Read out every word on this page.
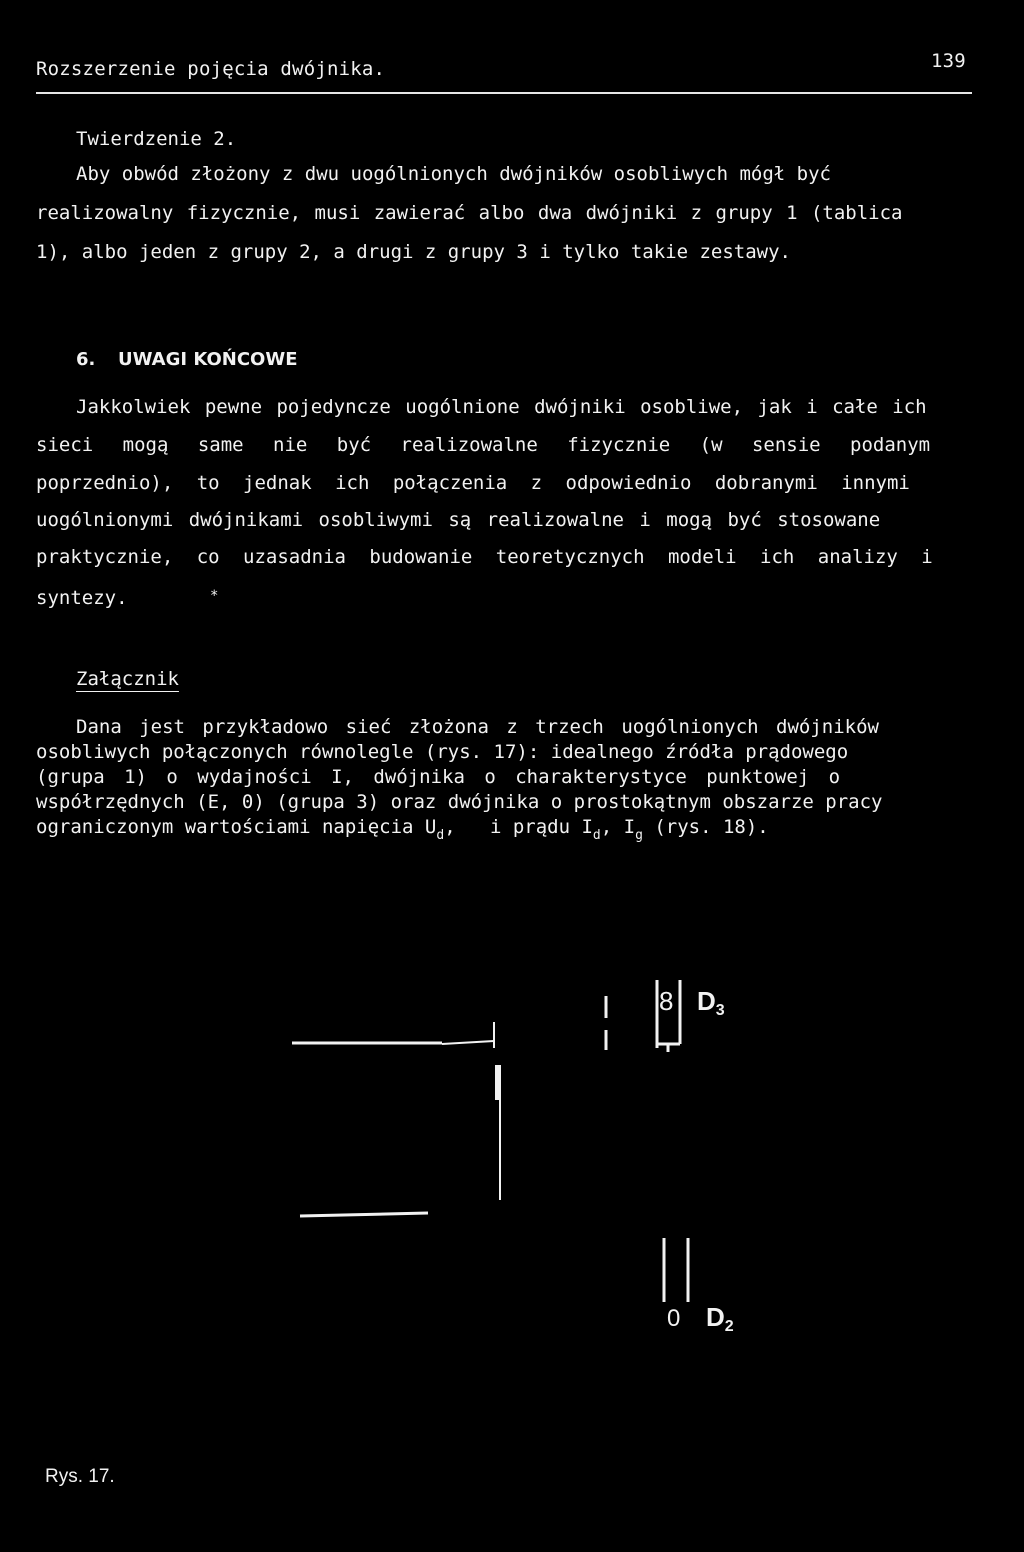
Rozszerzenie pojęcia dwójnika.	139
Twierdzenie 2.
Aby obwód złożony z dwu uogólnionych dwójników osobliwych mógł być
realizowalny fizycznie, musi zawierać albo dwa dwójniki z grupy 1 (tablica
1), albo jeden z grupy 2, a drugi z grupy 3 i tylko takie zestawy.
6. UWAGI KOŃCOWE
Jakkolwiek pewne pojedyncze uogólnione dwójniki osobliwe, jak i całe ich
sieci mogą same nie być realizowalne fizycznie (w sensie podanym
poprzednio), to jednak ich połączenia z odpowiednio dobranymi innymi
uogólnionymi dwójnikami osobliwymi są realizowalne i mogą być stosowane
praktycznie, co uzasadnia budowanie teoretycznych modeli ich analizy i
syntezy.	*
Załącznik
Dana jest przykładowo sieć złożona z trzech uogólnionych dwójników
osobliwych połączonych równolegle (rys. 17): idealnego źródła prądowego
(grupa 1) o wydajności I, dwójnika o charakterystyce punktowej o
współrzędnych (E, 0) (grupa 3) oraz dwójnika o prostokątnym obszarze pracy
ograniczonym wartościami napięcia $U_d$,   i prądu $I_d$, $I_g$ (rys. 18).
8 $D_3$
0 $D_2$
Rys. 17.
